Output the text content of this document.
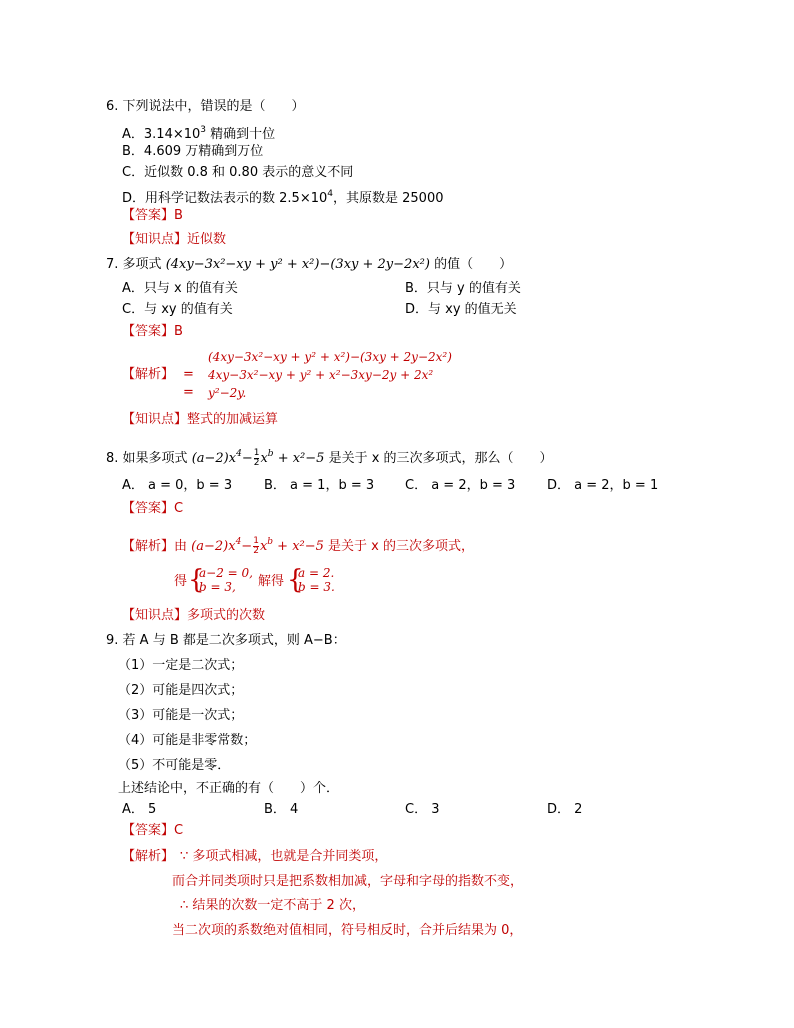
6. 下列说法中，错误的是（　　）
A．$3.14\times 10^3$ 精确到十位
B．4.609 万精确到万位
C．近似数 0.8 和 0.80 表示的意义不同
D．用科学记数法表示的数 $2.5\times 10^4$，其原数是 25000
【答案】B
【知识点】近似数
7. 多项式 (4xy−3x²−xy + y² + x²)−(3xy + 2y−2x²) 的值（　　）
A．只与 x 的值有关	B．只与 y 的值有关
C．与 xy 的值有关	D．与 xy 的值无关
【答案】B
【解析】
(4xy−3x²−xy + y² + x²)−(3xy + 2y−2x²)
= 4xy−3x²−xy + y² + x²−3xy−2y + 2x²
= y²−2y.
【知识点】整式的加减运算
8. 如果多项式 $(a-2)x^4- \frac{1}{2} x^b + x^2-5$ 是关于 x 的三次多项式，那么（　　）
A． a = 0，b = 3 B． a = 1，b = 3 C． a = 2，b = 3 D． a = 2，b = 1
【答案】C
【解析】由 $(a-2)x^4- \frac{1}{2} x^b + x^2-5$ 是关于 x 的三次多项式，
得 {
a−2 = 0,
b = 3,	解得 {
a = 2.
b = 3.
【知识点】多项式的次数
9. 若 A 与 B 都是二次多项式，则 A−B：
（1）一定是二次式；
（2）可能是四次式；
（3）可能是一次式；
（4）可能是非零常数；
（5）不可能是零．
上述结论中，不正确的有（　　）个．
A． 5	B． 4	C． 3	D． 2
【答案】C
【解析】 ∵ 多项式相减，也就是合并同类项，
而合并同类项时只是把系数相加减，字母和字母的指数不变，
∴ 结果的次数一定不高于 2 次，
当二次项的系数绝对值相同，符号相反时，合并后结果为 0，
